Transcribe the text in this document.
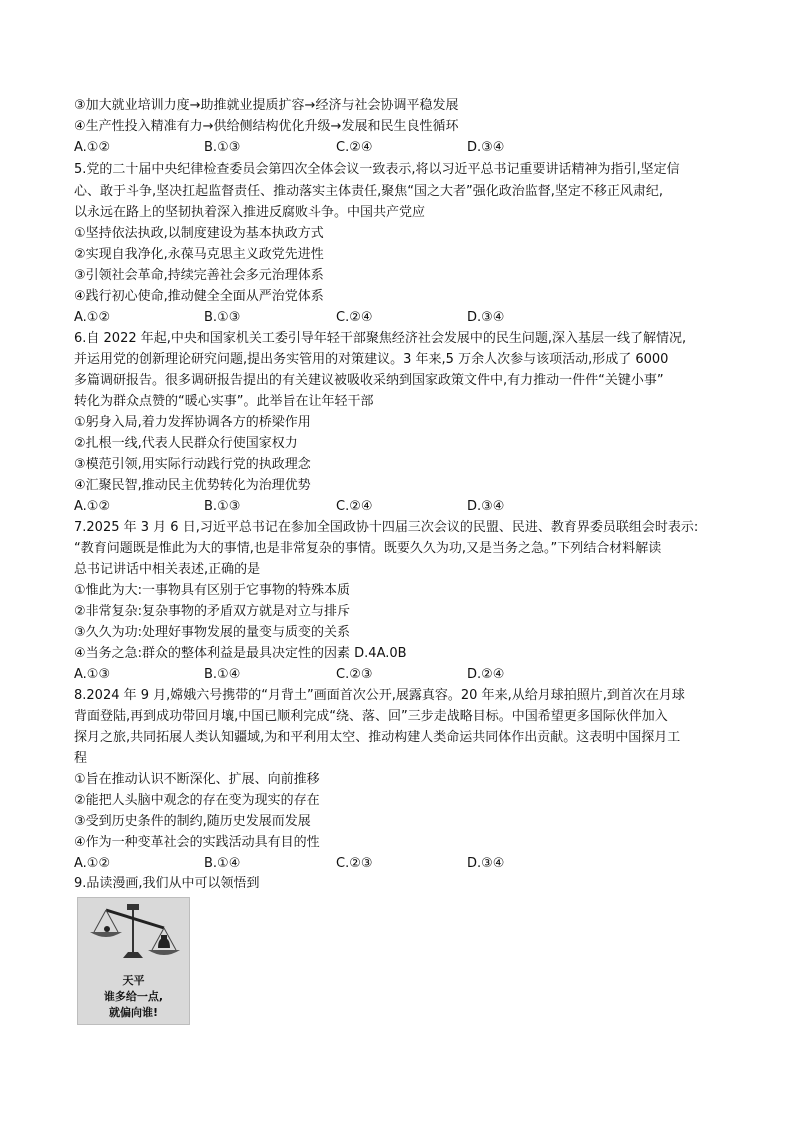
③加大就业培训力度→助推就业提质扩容→经济与社会协调平稳发展
④生产性投入精准有力→供给侧结构优化升级→发展和民生良性循环
A.①②	B.①③	C.②④	D.③④
5.党的二十届中央纪律检查委员会第四次全体会议一致表示,将以习近平总书记重要讲话精神为指引,坚定信
心、敢于斗争,坚决扛起监督责任、推动落实主体责任,聚焦“国之大者”强化政治监督,坚定不移正风肃纪,
以永远在路上的坚韧执着深入推进反腐败斗争。中国共产党应
①坚持依法执政,以制度建设为基本执政方式
②实现自我净化,永葆马克思主义政党先进性
③引领社会革命,持续完善社会多元治理体系
④践行初心使命,推动健全全面从严治党体系
A.①②	B.①③	C.②④	D.③④
6.自 2022 年起,中央和国家机关工委引导年轻干部聚焦经济社会发展中的民生问题,深入基层一线了解情况,
并运用党的创新理论研究问题,提出务实管用的对策建议。3 年来,5 万余人次参与该项活动,形成了 6000
多篇调研报告。很多调研报告提出的有关建议被吸收采纳到国家政策文件中,有力推动一件件“关键小事”
转化为群众点赞的“暖心实事”。此举旨在让年轻干部
①躬身入局,着力发挥协调各方的桥梁作用
②扎根一线,代表人民群众行使国家权力
③模范引领,用实际行动践行党的执政理念
④汇聚民智,推动民主优势转化为治理优势
A.①②	B.①③	C.②④	D.③④
7.2025 年 3 月 6 日,习近平总书记在参加全国政协十四届三次会议的民盟、民进、教育界委员联组会时表示:
“教育问题既是惟此为大的事情,也是非常复杂的事情。既要久久为功,又是当务之急。”下列结合材料解读
总书记讲话中相关表述,正确的是
①惟此为大:一事物具有区别于它事物的特殊本质
②非常复杂:复杂事物的矛盾双方就是对立与排斥
③久久为功:处理好事物发展的量变与质变的关系
④当务之急:群众的整体利益是最具决定性的因素 D.4A.0B
A.①③	B.①④	C.②③	D.②④
8.2024 年 9 月,嫦娥六号携带的“月背土”画面首次公开,展露真容。20 年来,从给月球拍照片,到首次在月球
背面登陆,再到成功带回月壤,中国已顺利完成“绕、落、回”三步走战略目标。中国希望更多国际伙伴加入
探月之旅,共同拓展人类认知疆域,为和平利用太空、推动构建人类命运共同体作出贡献。这表明中国探月工
程
①旨在推动认识不断深化、扩展、向前推移
②能把人头脑中观念的存在变为现实的存在
③受到历史条件的制约,随历史发展而发展
④作为一种变革社会的实践活动具有目的性
A.①②	B.①④	C.②③	D.③④
9.品读漫画,我们从中可以领悟到
天平
谁多给一点,
就偏向谁!
